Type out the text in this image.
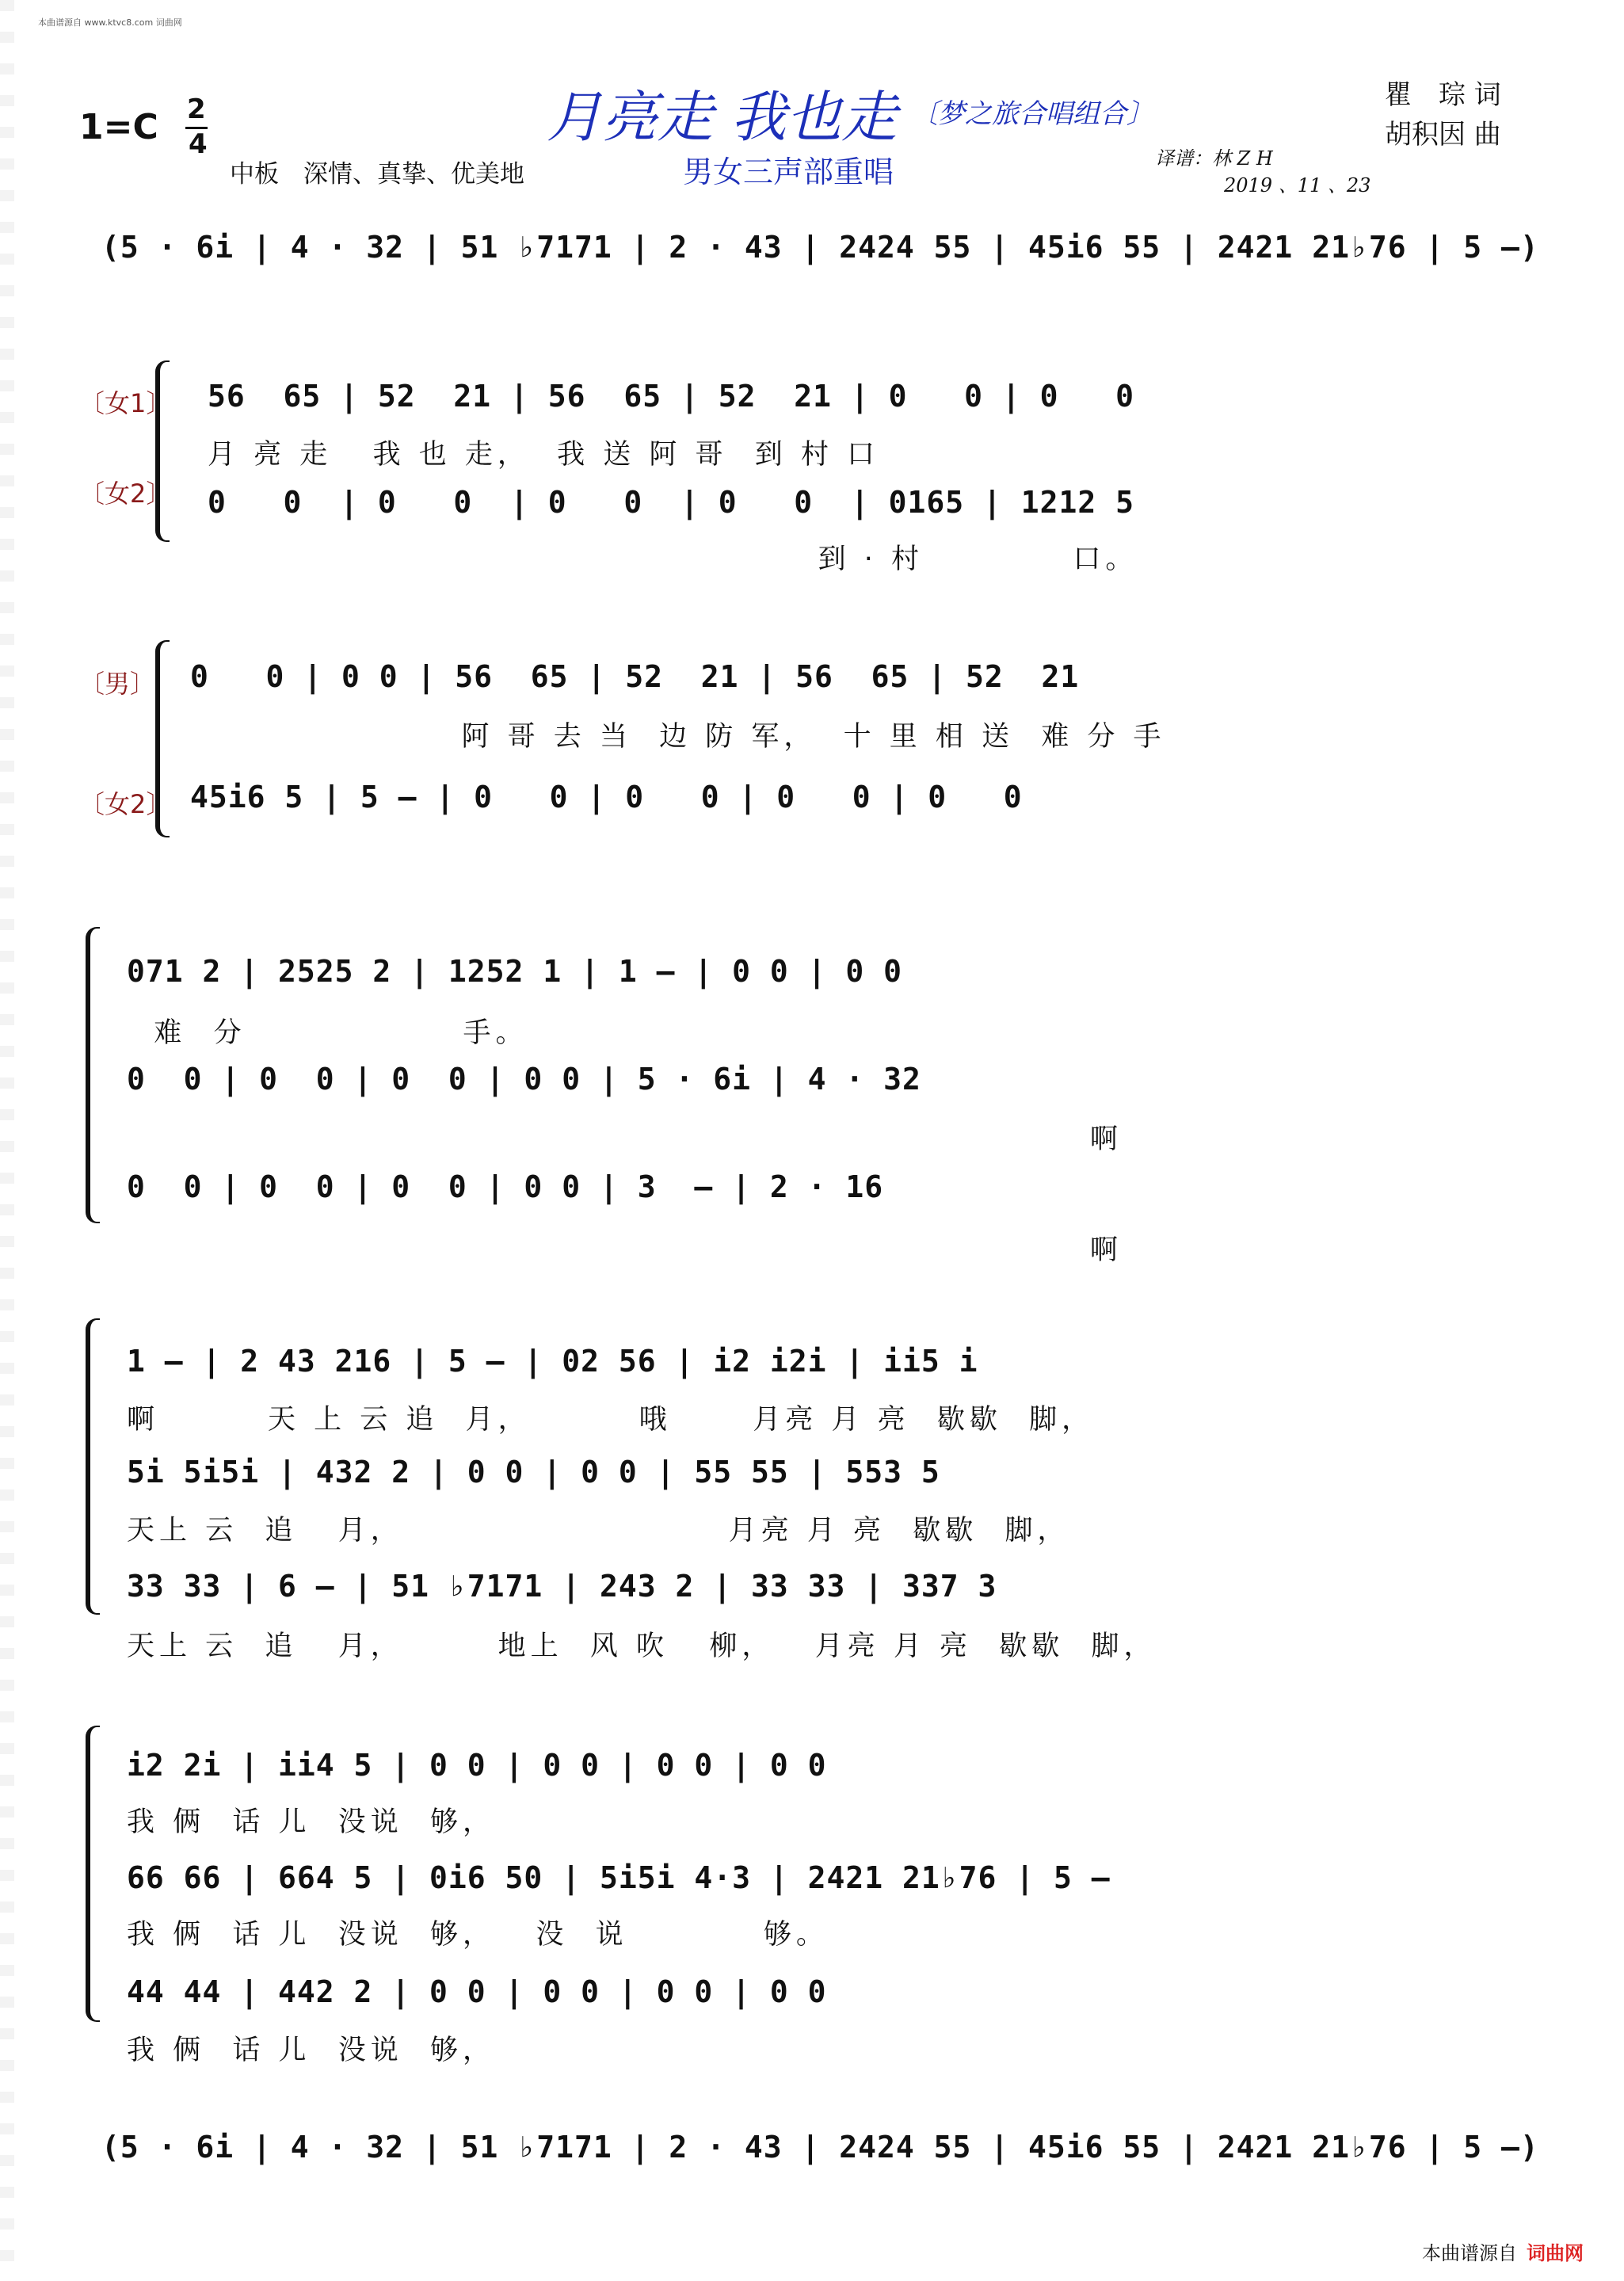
本曲谱源自 www.ktvc8.com 词曲网
1=C 2
4
中板　深情、真挚、优美地
月亮走 我也走 〔梦之旅合唱组合〕
男女三声部重唱
瞿　琮 词
胡积因 曲
译谱：林 Z H
2019 、11 、23
(5 · 6i | 4 · 32 | 51 ♭7171 | 2 · 43 | 2424 55 | 45i6 55 | 2421 21♭76 | 5 –)
〔女1〕
〔女2〕
56  65 | 52  21 | 56  65 | 52  21 | 0   0 | 0   0
月 亮 走   我 也 走，  我 送 阿 哥  到 村 口
0   0  | 0   0  | 0   0  | 0   0  | 0165 | 1212 5
到 · 村           口。
〔男〕
〔女2〕
0   0 | 0 0 | 56  65 | 52  21 | 56  65 | 52  21
阿 哥 去 当  边 防 军，  十 里 相 送  难 分 手
45i6 5 | 5 – | 0   0 | 0   0 | 0   0 | 0   0
071 2 | 2525 2 | 1252 1 | 1 – | 0 0 | 0 0
难  分                手。
0  0 | 0  0 | 0  0 | 0 0 | 5 · 6i | 4 · 32
啊
0  0 | 0  0 | 0  0 | 0 0 | 3  – | 2 · 16
啊
1 – | 2 43 216 | 5 – | 02 56 | i2 i2i | ii5 i
啊        天 上 云 追  月，        哦      月亮 月 亮  歇歇  脚，
5i 5i5i | 432 2 | 0 0 | 0 0 | 55 55 | 553 5
天上 云  追   月，                        月亮 月 亮  歇歇  脚，
33 33 | 6 – | 51 ♭7171 | 243 2 | 33 33 | 337 3
天上 云  追   月，       地上  风 吹   柳，   月亮 月 亮  歇歇  脚，
i2 2i | ii4 5 | 0 0 | 0 0 | 0 0 | 0 0
我 俩  话 儿  没说  够，
66 66 | 664 5 | 0i6 50 | 5i5i 4·3 | 2421 21♭76 | 5 –
我 俩  话 儿  没说  够，   没  说          够。
44 44 | 442 2 | 0 0 | 0 0 | 0 0 | 0 0
我 俩  话 儿  没说  够，
(5 · 6i | 4 · 32 | 51 ♭7171 | 2 · 43 | 2424 55 | 45i6 55 | 2421 21♭76 | 5 –)
本曲谱源自 词曲网
